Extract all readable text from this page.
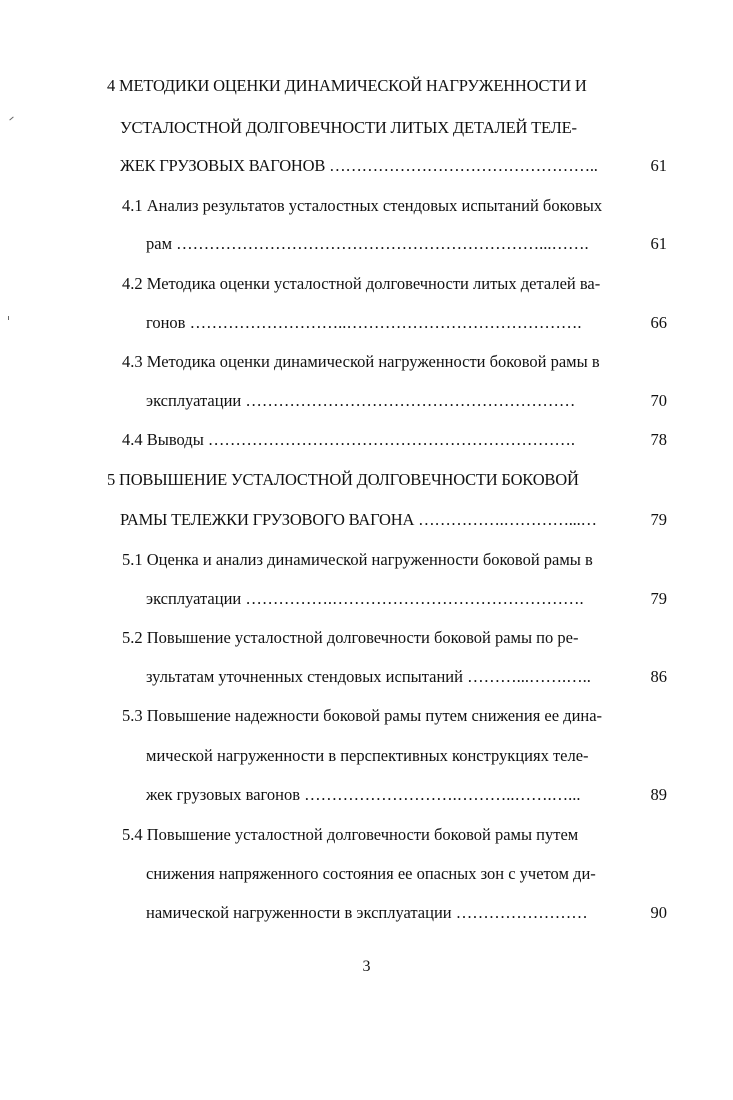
4 МЕТОДИКИ ОЦЕНКИ ДИНАМИЧЕСКОЙ НАГРУЖЕННОСТИ И
УСТАЛОСТНОЙ ДОЛГОВЕЧНОСТИ ЛИТЫХ ДЕТАЛЕЙ ТЕЛЕ-
ЖЕК ГРУЗОВЫХ ВАГОНОВ …………………………………………..	61
4.1 Анализ результатов усталостных стендовых испытаний боковых
рам …………………………………………………………...…….	61
4.2 Методика оценки усталостной долговечности литых деталей ва-
гонов ………………………..…………………………………….	66
4.3 Методика оценки динамической нагруженности боковой рамы в
эксплуатации ……………………………………………………	70
4.4 Выводы ………………………………………………………….	78
5 ПОВЫШЕНИЕ УСТАЛОСТНОЙ ДОЛГОВЕЧНОСТИ БОКОВОЙ
РАМЫ ТЕЛЕЖКИ ГРУЗОВОГО ВАГОНА …………….…………...…	79
5.1 Оценка и анализ динамической нагруженности боковой рамы в
эксплуатации …………….……………………………………….	79
5.2 Повышение усталостной долговечности боковой рамы по ре-
зультатам уточненных стендовых испытаний ………...…….…..	86
5.3 Повышение надежности боковой рамы путем снижения ее дина-
мической нагруженности в перспективных конструкциях теле-
жек грузовых вагонов ……………………….………..…….…...	89
5.4 Повышение усталостной долговечности боковой рамы путем
снижения напряженного состояния ее опасных зон с учетом ди-
намической нагруженности в эксплуатации ……………………	90
3
